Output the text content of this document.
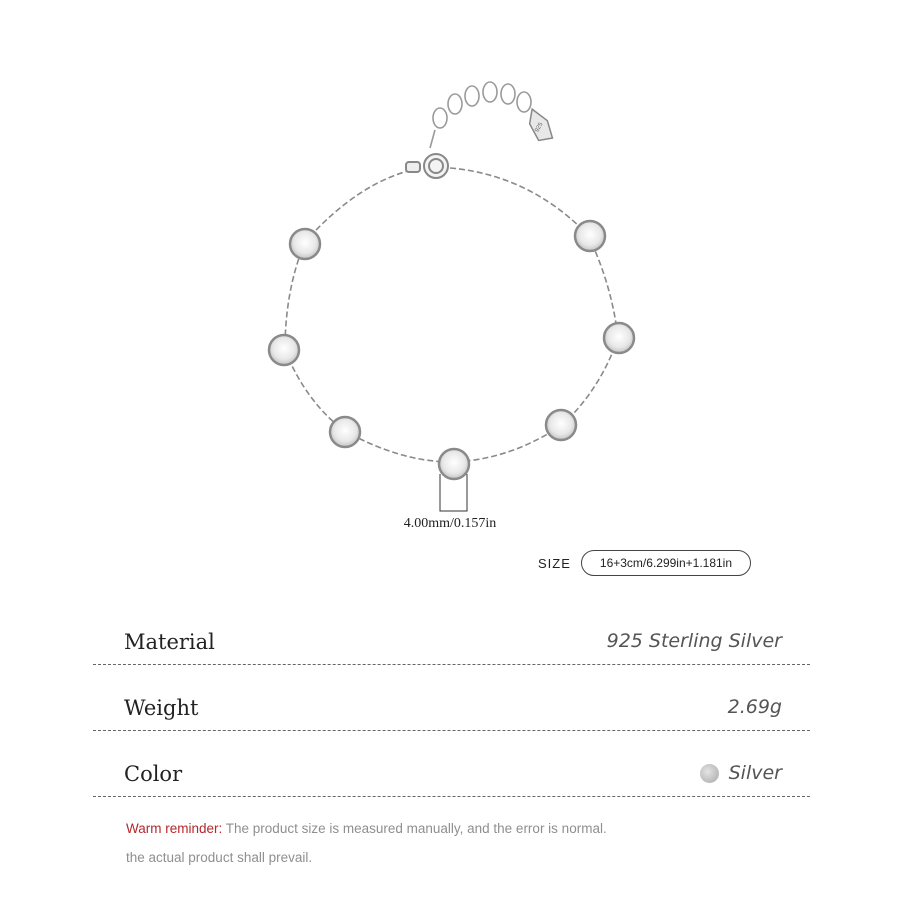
925
4.00mm/0.157in
SIZE	16+3cm/6.299in+1.181in
Material	925 Sterling Silver
Weight	2.69g
Color	Silver
Warm reminder: The product size is measured manually, and the error is normal.
the actual product shall prevail.
